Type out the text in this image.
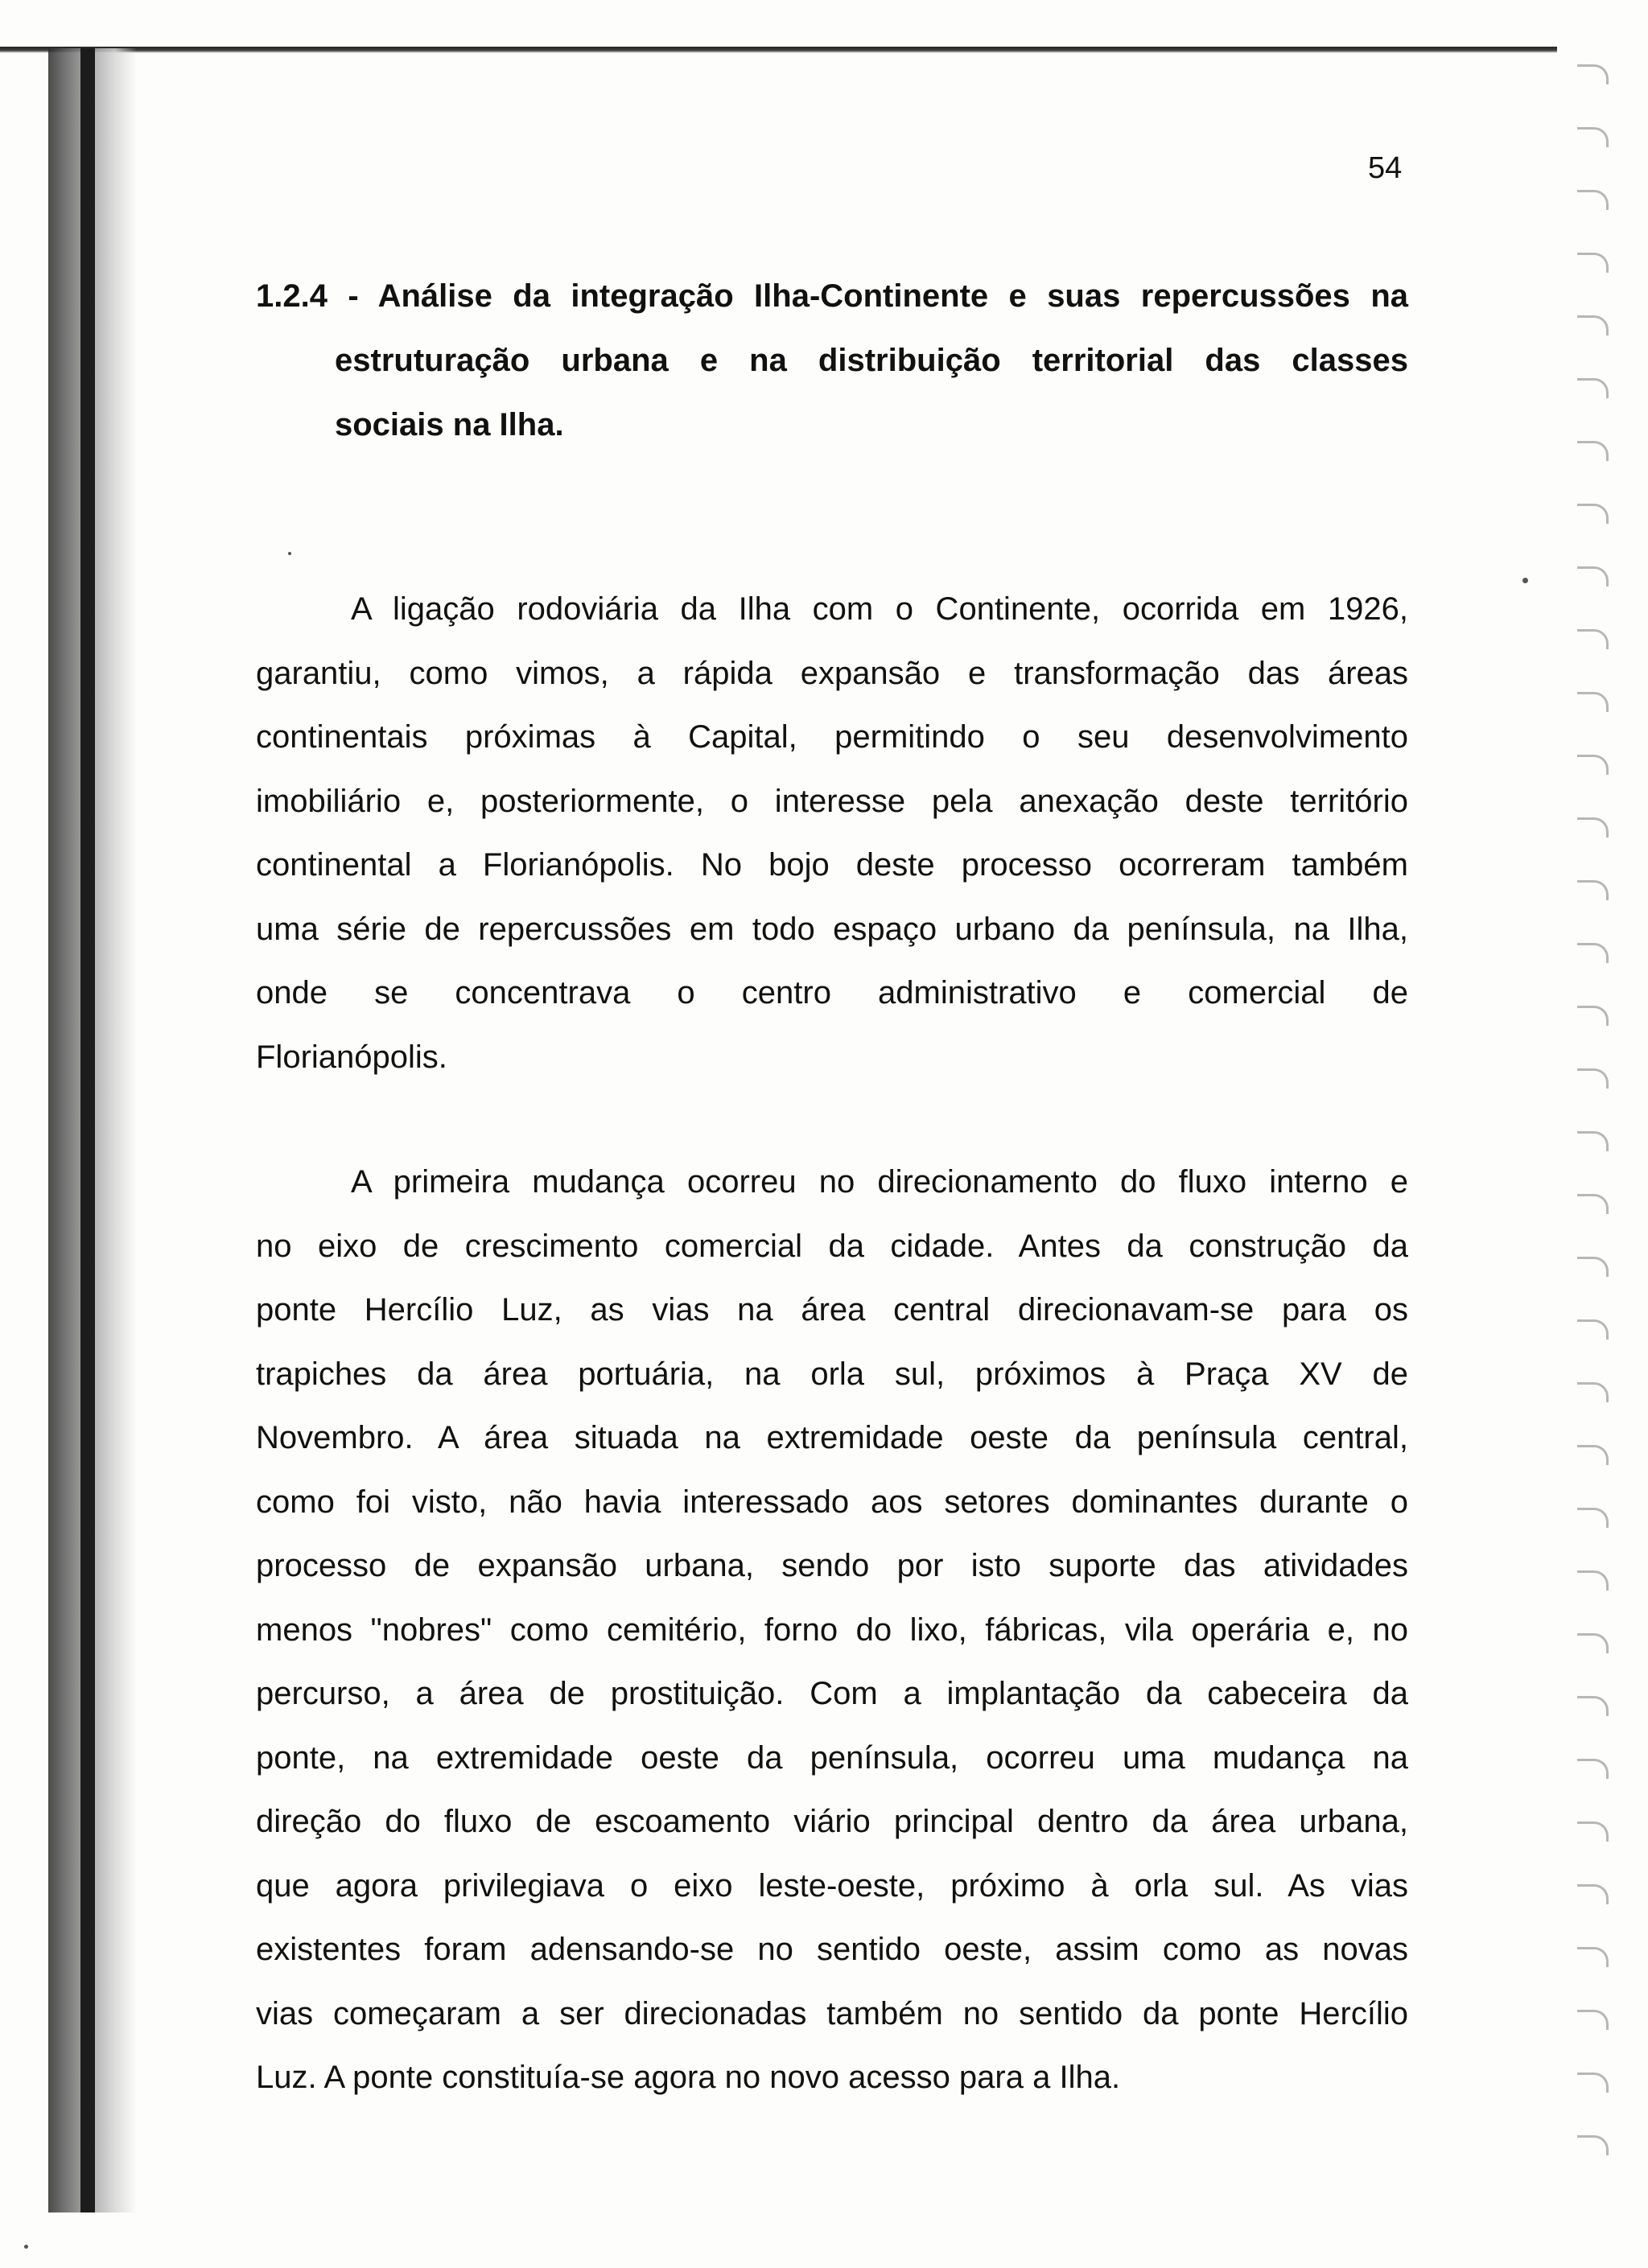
54
1.2.4 - Análise da integração Ilha-Continente e suas repercussões na
estruturação urbana e na distribuição territorial das classes
sociais na Ilha.
A ligação rodoviária da Ilha com o Continente, ocorrida em 1926,
garantiu, como vimos, a rápida expansão e transformação das áreas
continentais próximas à Capital, permitindo o seu desenvolvimento
imobiliário e, posteriormente, o interesse pela anexação deste território
continental a Florianópolis. No bojo deste processo ocorreram também
uma série de repercussões em todo espaço urbano da península, na Ilha,
onde se concentrava o centro administrativo e comercial de
Florianópolis.
A primeira mudança ocorreu no direcionamento do fluxo interno e
no eixo de crescimento comercial da cidade. Antes da construção da
ponte Hercílio Luz, as vias na área central direcionavam-se para os
trapiches da área portuária, na orla sul, próximos à Praça XV de
Novembro. A área situada na extremidade oeste da península central,
como foi visto, não havia interessado aos setores dominantes durante o
processo de expansão urbana, sendo por isto suporte das atividades
menos "nobres" como cemitério, forno do lixo, fábricas, vila operária e, no
percurso, a área de prostituição. Com a implantação da cabeceira da
ponte, na extremidade oeste da península, ocorreu uma mudança na
direção do fluxo de escoamento viário principal dentro da área urbana,
que agora privilegiava o eixo leste-oeste, próximo à orla sul. As vias
existentes foram adensando-se no sentido oeste, assim como as novas
vias começaram a ser direcionadas também no sentido da ponte Hercílio
Luz. A ponte constituía-se agora no novo acesso para a Ilha.
